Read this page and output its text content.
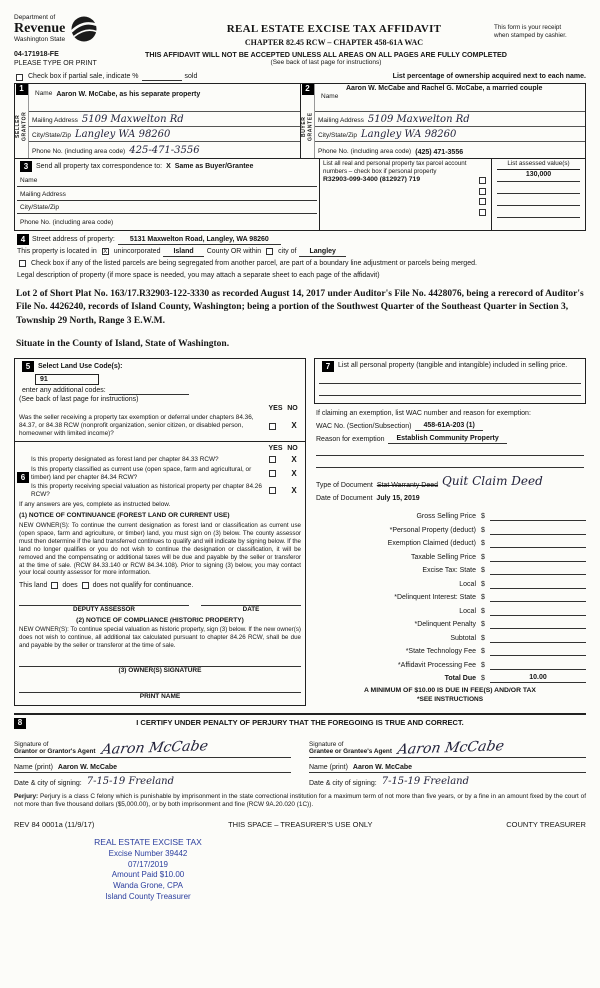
Department of
Revenue
Washington State
REAL ESTATE EXCISE TAX AFFIDAVIT
CHAPTER 82.45 RCW – CHAPTER 458-61A WAC
This form is your receipt
when stamped by cashier.
04-171918-FE
PLEASE TYPE OR PRINT
THIS AFFIDAVIT WILL NOT BE ACCEPTED UNLESS ALL AREAS ON ALL PAGES ARE FULLY COMPLETED
(See back of last page for instructions)
Check box if partial sale, indicate %	sold	List percentage of ownership acquired next to each name.
1
SELLER GRANTOR
Name Aaron W. McCabe, as his separate property
Mailing Address 5109 Maxwelton Rd
City/State/Zip Langley WA 98260
Phone No. (including area code) 425-471-3556
2
BUYER GRANTEE
Aaron W. McCabe and Rachel G. McCabe, a married couple
Name
Mailing Address 5109 Maxwelton Rd
City/State/Zip Langley WA 98260
Phone No. (including area code) (425) 471-3556
3	Send all property tax correspondence to: X Same as Buyer/Grantee
Name
Mailing Address
City/State/Zip
Phone No. (including area code)
List all real and personal property tax parcel account numbers – check box if personal property
R32903-099-3400 (812927) 719
List assessed value(s)
130,000
4 Street address of property:	5131 Maxwelton Road, Langley, WA 98260
This property is located in X unincorporated	Island	County OR within city of	Langley
Check box if any of the listed parcels are being segregated from another parcel, are part of a boundary line adjustment or parcels being merged.
Legal description of property (if more space is needed, you may attach a separate sheet to each page of the affidavit)
Lot 2 of Short Plat No. 163/17.R32903-122-3330 as recorded August 14, 2017 under Auditor's File No. 4428076, being a rerecord of Auditor's File No. 4426240, records of Island County, Washington; being a portion of the Southwest Quarter of the Southeast Quarter in Section 3, Township 29 North, Range 3 E.W.M.
Situate in the County of Island, State of Washington.
5	Select Land Use Code(s):
91
enter any additional codes:
(See back of last page for instructions)
YES NO
Was the seller receiving a property tax exemption or deferral under chapters 84.36, 84.37, or 84.38 RCW (nonprofit organization, senior citizen, or disabled person, homeowner with limited income)?
X
6
YES NO
Is this property designated as forest land per chapter 84.33 RCW?	X
Is this property classified as current use (open space, farm and agricultural, or timber) land per chapter 84.34 RCW?	X
Is this property receiving special valuation as historical property per chapter 84.26 RCW?	X
If any answers are yes, complete as instructed below.
(1) NOTICE OF CONTINUANCE (FOREST LAND OR CURRENT USE)
NEW OWNER(S): To continue the current designation as forest land or classification as current use (open space, farm and agriculture, or timber) land, you must sign on (3) below. The county assessor must then determine if the land transferred continues to qualify and will indicate by signing below. If the land no longer qualifies or you do not wish to continue the designation or classification, it will be removed and the compensating or additional taxes will be due and payable by the seller or transferor at the time of sale. (RCW 84.33.140 or RCW 84.34.108). Prior to signing (3) below, you may contact your local county assessor for more information.
This land does does not qualify for continuance.
DEPUTY ASSESSOR	DATE
(2) NOTICE OF COMPLIANCE (HISTORIC PROPERTY)
NEW OWNER(S): To continue special valuation as historic property, sign (3) below. If the new owner(s) does not wish to continue, all additional tax calculated pursuant to chapter 84.26 RCW, shall be due and payable by the seller or transferor at the time of sale.
(3) OWNER(S) SIGNATURE
PRINT NAME
7	List all personal property (tangible and intangible) included in selling price.
If claiming an exemption, list WAC number and reason for exemption:
WAC No. (Section/Subsection)	458-61A-203 (1)
Reason for exemption	Establish Community Property
Type of Document Stat Warranty Deed Quit Claim Deed
Date of Document July 15, 2019
Gross Selling Price $
*Personal Property (deduct) $
Exemption Claimed (deduct) $
Taxable Selling Price $
Excise Tax: State $
Local $
*Delinquent Interest: State $
Local $
*Delinquent Penalty $
Subtotal $
*State Technology Fee $
*Affidavit Processing Fee $
Total Due $	10.00
A MINIMUM OF $10.00 IS DUE IN FEE(S) AND/OR TAX
*SEE INSTRUCTIONS
8	I CERTIFY UNDER PENALTY OF PERJURY THAT THE FOREGOING IS TRUE AND CORRECT.
Signature of
Grantor or Grantor's Agent Aaron McCabe
Name (print) Aaron W. McCabe
Date & city of signing: 7-15-19 Freeland
Signature of
Grantee or Grantee's Agent Aaron McCabe
Name (print) Aaron W. McCabe
Date & city of signing: 7-15-19 Freeland
Perjury: Perjury is a class C felony which is punishable by imprisonment in the state correctional institution for a maximum term of not more than five years, or by a fine in an amount fixed by the court of not more than five thousand dollars ($5,000.00), or by both imprisonment and fine (RCW 9A.20.020 (1C)).
REV 84 0001a (11/9/17)	THIS SPACE – TREASURER'S USE ONLY	COUNTY TREASURER
REAL ESTATE EXCISE TAX
Excise Number 39442
07/17/2019
Amount Paid $10.00
Wanda Grone, CPA
Island County Treasurer
